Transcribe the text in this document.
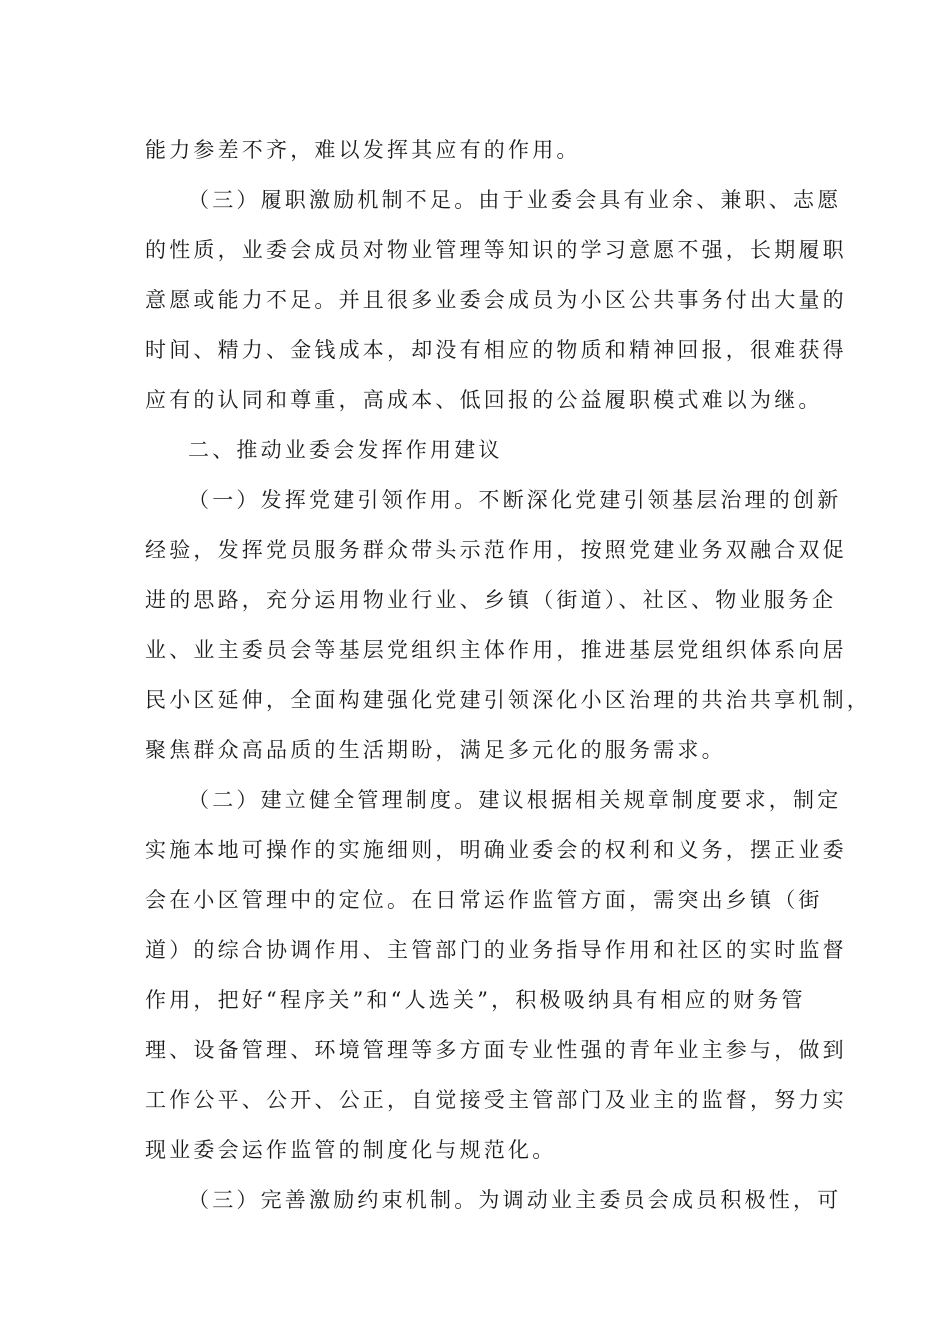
能力参差不齐，难以发挥其应有的作用。
（三）履职激励机制不足。由于业委会具有业余、兼职、志愿
的性质，业委会成员对物业管理等知识的学习意愿不强，长期履职
意愿或能力不足。并且很多业委会成员为小区公共事务付出大量的
时间、精力、金钱成本，却没有相应的物质和精神回报，很难获得
应有的认同和尊重，高成本、低回报的公益履职模式难以为继。
二、推动业委会发挥作用建议
（一）发挥党建引领作用。不断深化党建引领基层治理的创新
经验，发挥党员服务群众带头示范作用，按照党建业务双融合双促
进的思路，充分运用物业行业、乡镇（街道）、社区、物业服务企
业、业主委员会等基层党组织主体作用，推进基层党组织体系向居
民小区延伸，全面构建强化党建引领深化小区治理的共治共享机制，
聚焦群众高品质的生活期盼，满足多元化的服务需求。
（二）建立健全管理制度。建议根据相关规章制度要求，制定
实施本地可操作的实施细则，明确业委会的权利和义务，摆正业委
会在小区管理中的定位。在日常运作监管方面，需突出乡镇（街
道）的综合协调作用、主管部门的业务指导作用和社区的实时监督
作用，把好“程序关”和“人选关”，积极吸纳具有相应的财务管
理、设备管理、环境管理等多方面专业性强的青年业主参与，做到
工作公平、公开、公正，自觉接受主管部门及业主的监督，努力实
现业委会运作监管的制度化与规范化。
（三）完善激励约束机制。为调动业主委员会成员积极性，可
